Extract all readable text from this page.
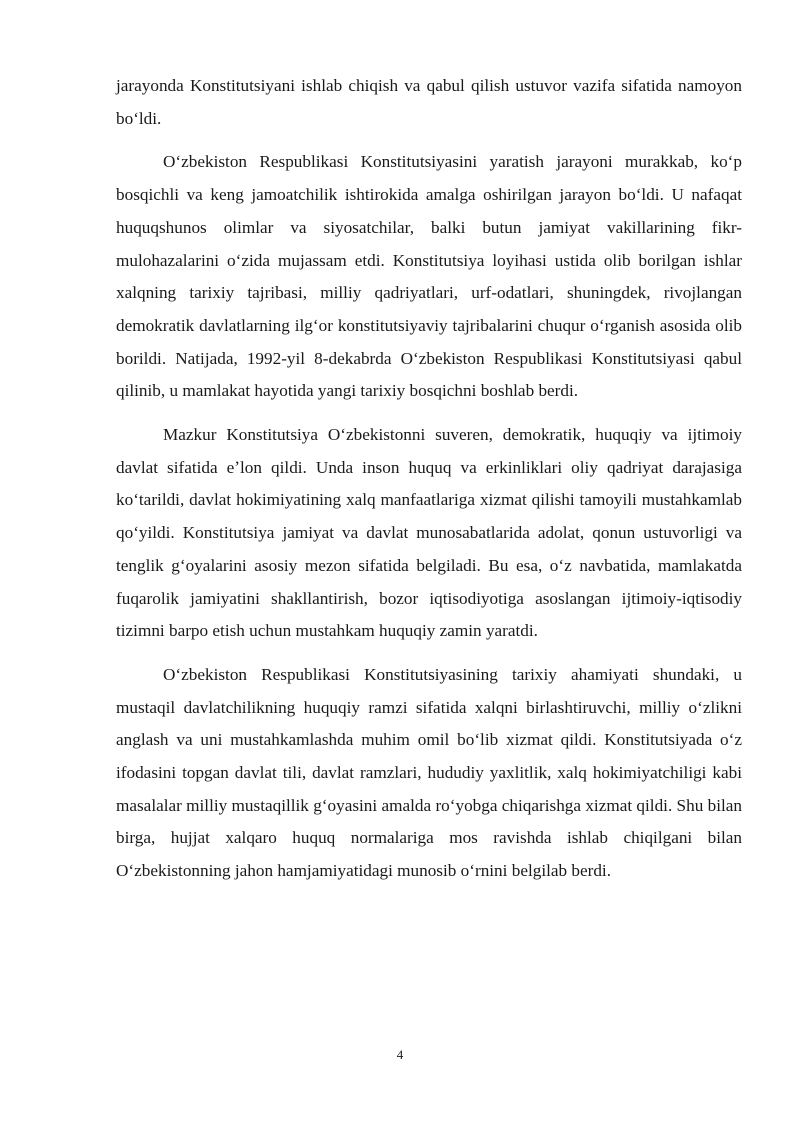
jarayonda Konstitutsiyani ishlab chiqish va qabul qilish ustuvor vazifa sifatida namoyon boʻldi.

Oʻzbekiston Respublikasi Konstitutsiyasini yaratish jarayoni murakkab, koʻp bosqichli va keng jamoatchilik ishtirokida amalga oshirilgan jarayon boʻldi. U nafaqat huquqshunos olimlar va siyosatchilar, balki butun jamiyat vakillarining fikr-mulohazalarini oʻzida mujassam etdi. Konstitutsiya loyihasi ustida olib borilgan ishlar xalqning tarixiy tajribasi, milliy qadriyatlari, urf-odatlari, shuningdek, rivojlangan demokratik davlatlarning ilgʻor konstitutsiyaviy tajribalarini chuqur oʻrganish asosida olib borildi. Natijada, 1992-yil 8-dekabrda Oʻzbekiston Respublikasi Konstitutsiyasi qabul qilinib, u mamlakat hayotida yangi tarixiy bosqichni boshlab berdi.

Mazkur Konstitutsiya Oʻzbekistonni suveren, demokratik, huquqiy va ijtimoiy davlat sifatida eʼlon qildi. Unda inson huquq va erkinliklari oliy qadriyat darajasiga koʻtarildi, davlat hokimiyatining xalq manfaatlariga xizmat qilishi tamoyili mustahkamlab qoʻyildi. Konstitutsiya jamiyat va davlat munosabatlarida adolat, qonun ustuvorligi va tenglik gʻoyalarini asosiy mezon sifatida belgiladi. Bu esa, oʻz navbatida, mamlakatda fuqarolik jamiyatini shakllantirish, bozor iqtisodiyotiga asoslangan ijtimoiy-iqtisodiy tizimni barpo etish uchun mustahkam huquqiy zamin yaratdi.

Oʻzbekiston Respublikasi Konstitutsiyasining tarixiy ahamiyati shundaki, u mustaqil davlatchilikning huquqiy ramzi sifatida xalqni birlashtiruvchi, milliy oʻzlikni anglash va uni mustahkamlashda muhim omil boʻlib xizmat qildi. Konstitutsiyada oʻz ifodasini topgan davlat tili, davlat ramzlari, hududiy yaxlitlik, xalq hokimiyatchiligi kabi masalalar milliy mustaqillik gʻoyasini amalda roʻyobga chiqarishga xizmat qildi. Shu bilan birga, hujjat xalqaro huquq normalariga mos ravishda ishlab chiqilgani bilan Oʻzbekistonning jahon hamjamiyatidagi munosib oʻrnini belgilab berdi.

4
